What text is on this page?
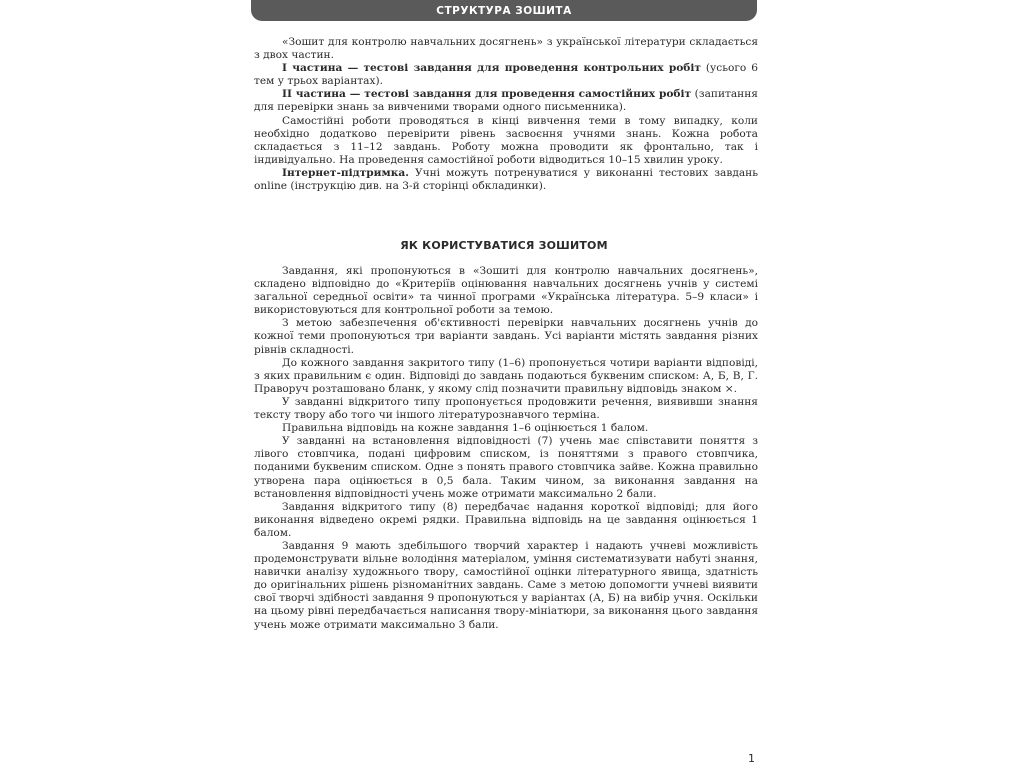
СТРУКТУРА ЗОШИТА

«Зошит для контролю навчальних досягнень» з української літератури складається з двох частин.

I частина — тестові завдання для проведення контрольних робіт (усього 6 тем у трьох варіантах).

II частина — тестові завдання для проведення самостійних робіт (запитання для перевірки знань за вивченими творами одного письменника).

Самостійні роботи проводяться в кінці вивчення теми в тому випадку, коли необхідно додатково перевірити рівень засвоєння учнями знань. Кожна робота складається з 11–12 завдань. Роботу можна проводити як фронтально, так і індивідуально. На проведення самостійної роботи відводиться 10–15 хвилин уроку.

Інтернет-підтримка. Учні можуть потренуватися у виконанні тестових завдань online (інструкцію див. на 3-й сторінці обкладинки).

ЯК КОРИСТУВАТИСЯ ЗОШИТОМ

Завдання, які пропонуються в «Зошиті для контролю навчальних досягнень», складено відповідно до «Критеріїв оцінювання навчальних досягнень учнів у системі загальної середньої освіти» та чинної програми «Українська література. 5–9 класи» і використовуються для контрольної роботи за темою.

З метою забезпечення об'єктивності перевірки навчальних досягнень учнів до кожної теми пропонуються три варіанти завдань. Усі варіанти містять завдання різних рівнів складності.

До кожного завдання закритого типу (1–6) пропонується чотири варіанти відповіді, з яких правильним є один. Відповіді до завдань подаються буквеним списком: А, Б, В, Г. Праворуч розташовано бланк, у якому слід позначити правильну відповідь знаком ×.

У завданні відкритого типу пропонується продовжити речення, виявивши знання тексту твору або того чи іншого літературознавчого терміна.

Правильна відповідь на кожне завдання 1–6 оцінюється 1 балом.

У завданні на встановлення відповідності (7) учень має співставити поняття з лівого стовпчика, подані цифровим списком, із поняттями з правого стовпчика, поданими буквеним списком. Одне з понять правого стовпчика зайве. Кожна правильно утворена пара оцінюється в 0,5 бала. Таким чином, за виконання завдання на встановлення відповідності учень може отримати максимально 2 бали.

Завдання відкритого типу (8) передбачає надання короткої відповіді; для його виконання відведено окремі рядки. Правильна відповідь на це завдання оцінюється 1 балом.

Завдання 9 мають здебільшого творчий характер і надають учневі можливість продемонструвати вільне володіння матеріалом, уміння систематизувати набуті знання, навички аналізу художнього твору, самостійної оцінки літературного явища, здатність до оригінальних рішень різноманітних завдань. Саме з метою допомогти учневі виявити свої творчі здібності завдання 9 пропонуються у варіантах (А, Б) на вибір учня. Оскільки на цьому рівні передбачається написання твору-мініатюри, за виконання цього завдання учень може отримати максимально 3 бали.

1
